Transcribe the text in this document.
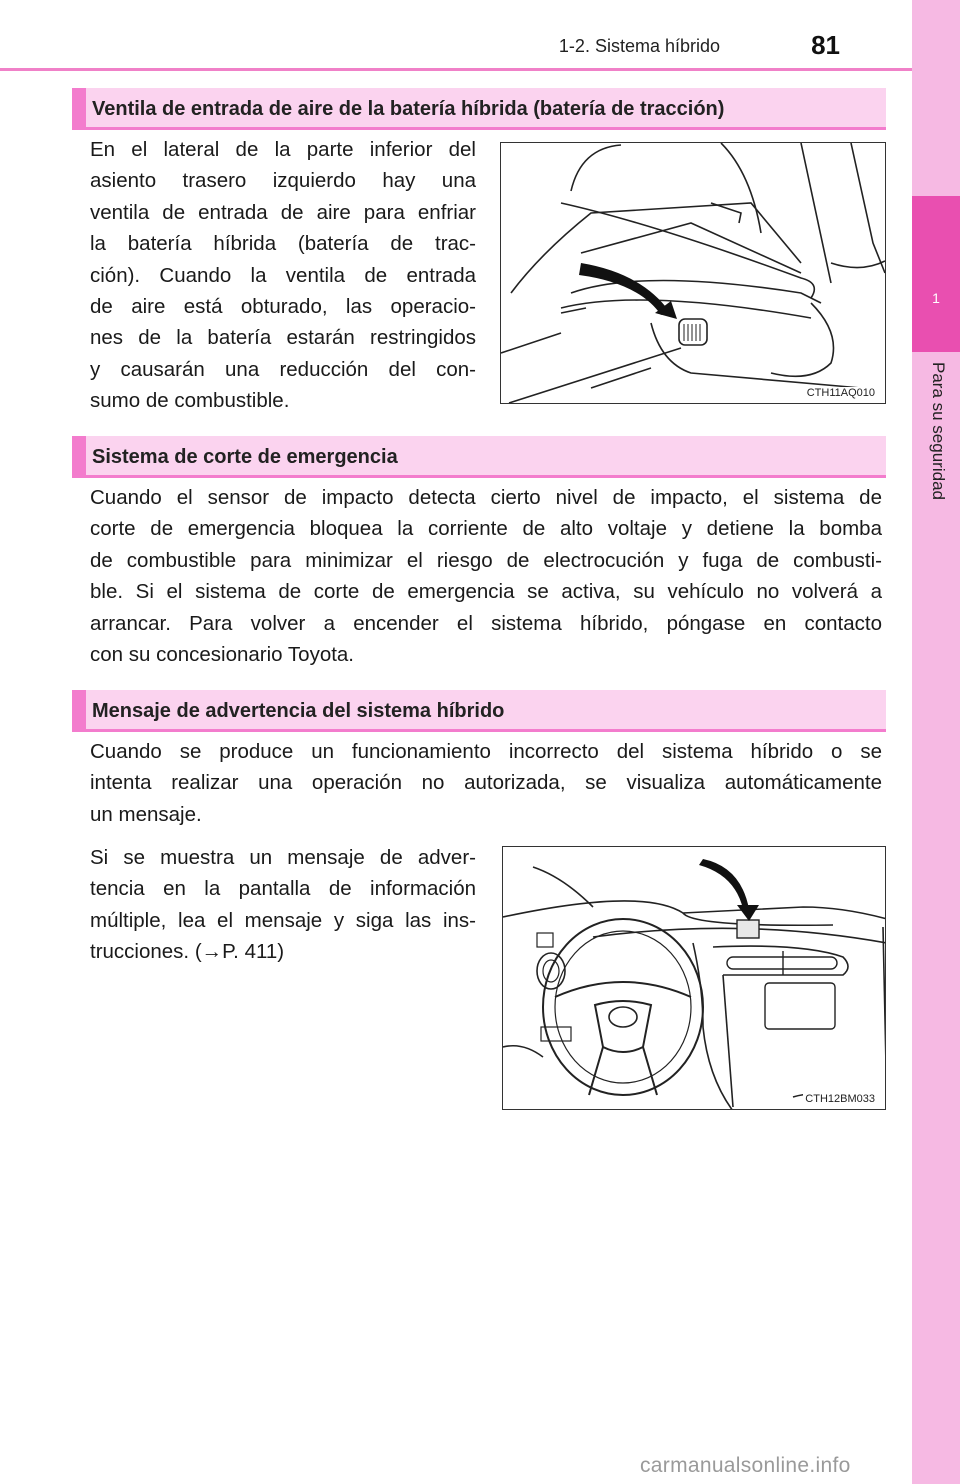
1-2. Sistema híbrido	81
1
Para su seguridad
Ventila de entrada de aire de la batería híbrida (batería de tracción)
En el lateral de la parte inferior del
asiento trasero izquierdo hay una
ventila de entrada de aire para enfriar
la batería híbrida (batería de trac-
ción). Cuando la ventila de entrada
de aire está obturado, las operacio-
nes de la batería estarán restringidos
y causarán una reducción del con-
sumo de combustible.	CTH11AQ010
Sistema de corte de emergencia
Cuando el sensor de impacto detecta cierto nivel de impacto, el sistema de
corte de emergencia bloquea la corriente de alto voltaje y detiene la bomba
de combustible para minimizar el riesgo de electrocución y fuga de combusti-
ble. Si el sistema de corte de emergencia se activa, su vehículo no volverá a
arrancar. Para volver a encender el sistema híbrido, póngase en contacto
con su concesionario Toyota.
Mensaje de advertencia del sistema híbrido
Cuando se produce un funcionamiento incorrecto del sistema híbrido o se
intenta realizar una operación no autorizada, se visualiza automáticamente
un mensaje.
Si se muestra un mensaje de adver-
tencia en la pantalla de información
múltiple, lea el mensaje y siga las ins-
trucciones. (→P. 411)
CTH12BM033
carmanualsonline.info
